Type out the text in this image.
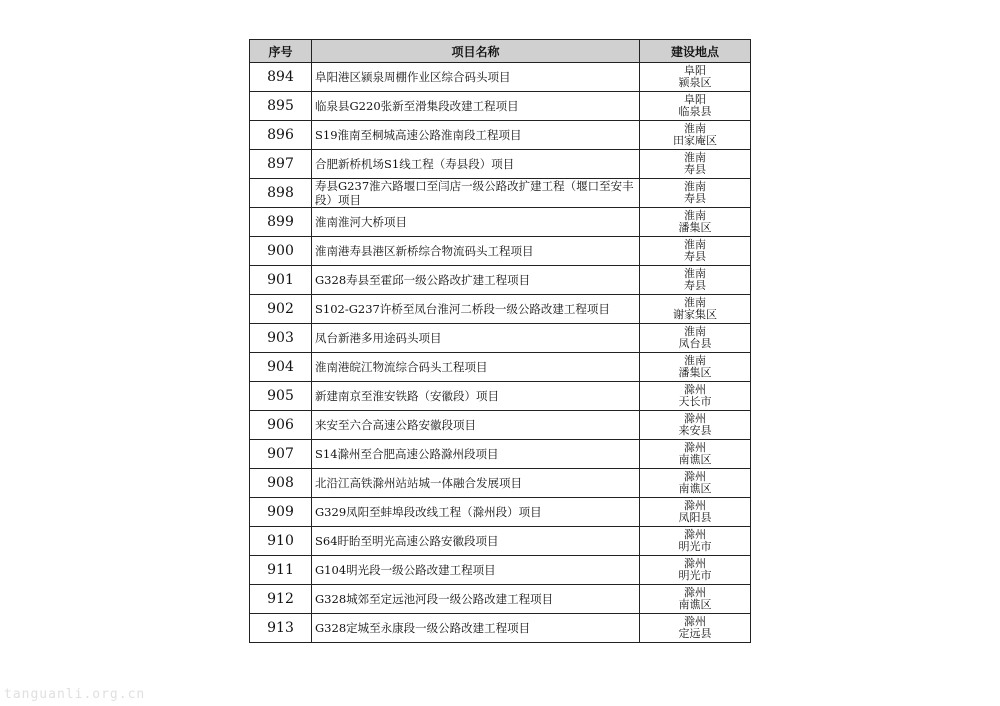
序号	项目名称	建设地点
894	阜阳港区颍泉周棚作业区综合码头项目	阜阳
颍泉区

895	临泉县G220张新至滑集段改建工程项目	阜阳
临泉县

896	S19淮南至桐城高速公路淮南段工程项目	淮南
田家庵区

897	合肥新桥机场S1线工程（寿县段）项目	淮南
寿县

898	寿县G237淮六路堰口至闫店一级公路改扩建工程（堰口至安丰段）项目	淮南
寿县

899	淮南淮河大桥项目	淮南
潘集区

900	淮南港寿县港区新桥综合物流码头工程项目	淮南
寿县

901	G328寿县至霍邱一级公路改扩建工程项目	淮南
寿县

902	S102-G237许桥至凤台淮河二桥段一级公路改建工程项目	淮南
谢家集区

903	凤台新港多用途码头项目	淮南
凤台县

904	淮南港皖江物流综合码头工程项目	淮南
潘集区

905	新建南京至淮安铁路（安徽段）项目	滁州
天长市

906	来安至六合高速公路安徽段项目	滁州
来安县

907	S14滁州至合肥高速公路滁州段项目	滁州
南谯区

908	北沿江高铁滁州站站城一体融合发展项目	滁州
南谯区

909	G329凤阳至蚌埠段改线工程（滁州段）项目	滁州
凤阳县

910	S64盱眙至明光高速公路安徽段项目	滁州
明光市

911	G104明光段一级公路改建工程项目	滁州
明光市

912	G328城郊至定远池河段一级公路改建工程项目	滁州
南谯区

913	G328定城至永康段一级公路改建工程项目	滁州
定远县
tanguanli.org.cn
